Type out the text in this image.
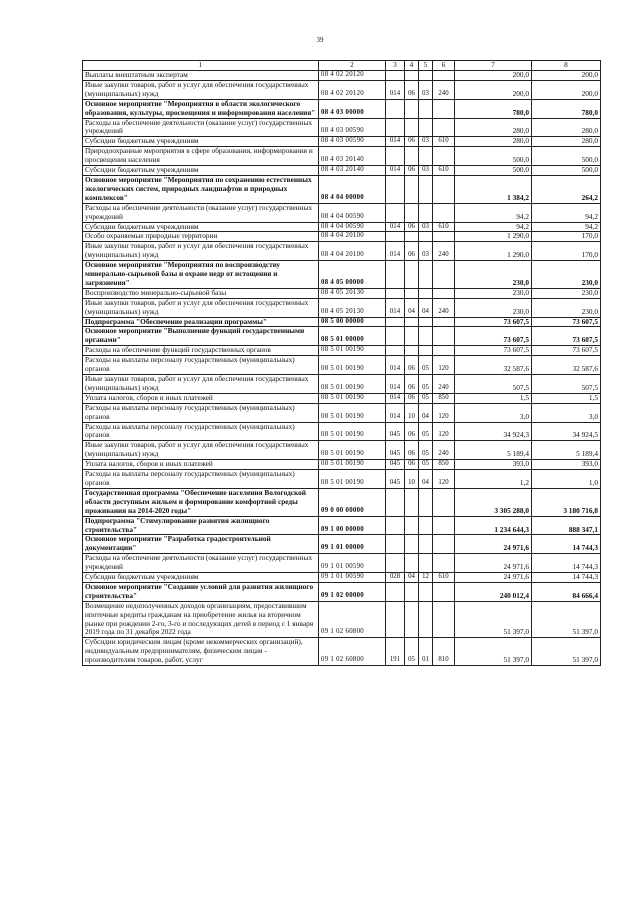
39
1	2	3	4	5	6	7	8
Выплаты внештатным экспертам	08 4 02 20120					200,0	200,0
Иные закупки товаров, работ и услуг для обеспечения государственных (муниципальных) нужд	08 4 02 20120	014	06	03	240	200,0	200,0
Основное мероприятие "Мероприятия в области экологического образования, культуры, просвещения и информирования населения"	08 4 03 00000					780,0	780,0
Расходы на обеспечение деятельности (оказание услуг) государственных учреждений	08 4 03 00590					280,0	280,0
Субсидии бюджетным учреждениям	08 4 03 00590	014	06	03	610	280,0	280,0
Природоохранные мероприятия в сфере образования, информирования и просвещения населения	08 4 03 20140					500,0	500,0
Субсидии бюджетным учреждениям	08 4 03 20140	014	06	03	610	500,0	500,0
Основное мероприятие "Мероприятия по сохранению естественных экологических систем, природных ландшафтов и природных комплексов"	08 4 04 00000					1 384,2	264,2
Расходы на обеспечение деятельности (оказание услуг) государственных учреждений	08 4 04 00590					94,2	94,2
Субсидии бюджетным учреждениям	08 4 04 00590	014	06	03	610	94,2	94,2
Особо охраняемые природные территории	08 4 04 20100					1 290,0	170,0
Иные закупки товаров, работ и услуг для обеспечения государственных (муниципальных) нужд	08 4 04 20100	014	06	03	240	1 290,0	170,0
Основное мероприятие "Мероприятия по воспроизводству минерально-сырьевой базы и охране недр от истощения и загрязнения"	08 4 05 00000					230,0	230,0
Воспроизводство минерально-сырьевой базы	08 4 05 20130					230,0	230,0
Иные закупки товаров, работ и услуг для обеспечения государственных (муниципальных) нужд	08 4 05 20130	014	04	04	240	230,0	230,0
Подпрограмма "Обеспечение реализации программы"	08 5 00 00000					73 607,5	73 607,5
Основное мероприятие "Выполнение функций государственными органами"	08 5 01 00000					73 607,5	73 607,5
Расходы на обеспечение функций государственных органов	08 5 01 00190					73 607,5	73 607,5
Расходы на выплаты персоналу государственных (муниципальных) органов	08 5 01 00190	014	06	05	120	32 587,6	32 587,6
Иные закупки товаров, работ и услуг для обеспечения государственных (муниципальных) нужд	08 5 01 00190	014	06	05	240	507,5	507,5
Уплата налогов, сборов и иных платежей	08 5 01 00190	014	06	05	850	1,5	1,5
Расходы на выплаты персоналу государственных (муниципальных) органов	08 5 01 00190	014	10	04	120	3,0	3,0
Расходы на выплаты персоналу государственных (муниципальных) органов	08 5 01 00190	045	06	05	120	34 924,3	34 924,5
Иные закупки товаров, работ и услуг для обеспечения государственных (муниципальных) нужд	08 5 01 00190	045	06	05	240	5 189,4	5 189,4
Уплата налогов, сборов и иных платежей	08 5 01 00190	045	06	05	850	393,0	393,0
Расходы на выплаты персоналу государственных (муниципальных) органов	08 5 01 00190	045	10	04	120	1,2	1,0
Государственная программа "Обеспечение населения Вологодской области доступным жильем и формирование комфортной среды проживания на 2014-2020 годы"	09 0 00 00000					3 305 288,0	3 180 716,8
Подпрограмма "Стимулирование развития жилищного строительства"	09 1 00 00000					1 234 644,3	888 347,1
Основное мероприятие "Разработка градостроительной документации"	09 1 01 00000					24 971,6	14 744,3
Расходы на обеспечение деятельности (оказание услуг) государственных учреждений	09 1 01 00590					24 971,6	14 744,3
Субсидии бюджетным учреждениям	09 1 01 00590	028	04	12	610	24 971,6	14 744,3
Основное мероприятие "Создание условий для развития жилищного строительства"	09 1 02 00000					240 012,4	84 666,4
Возмещение недополученных доходов организациям, предоставившим ипотечные кредиты гражданам на приобретение жилья на вторичном рынке при рождении 2-го, 3-го и последующих детей в период с 1 января 2019 года по 31 декабря 2022 года	09 1 02 60800					51 397,0	51 397,0
Субсидии юридическим лицам (кроме некоммерческих организаций), индивидуальным предпринимателям, физическим лицам - производителям товаров, работ, услуг	09 1 02 60800	191	05	01	810	51 397,0	51 397,0
